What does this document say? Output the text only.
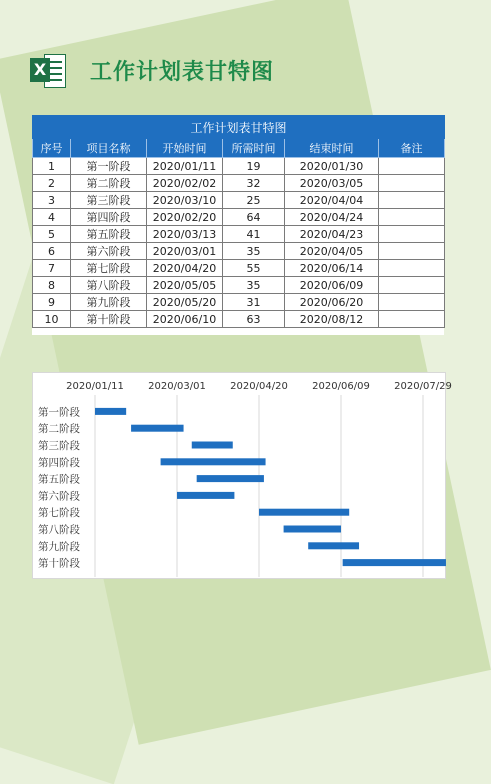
X 工作计划表甘特图
工作计划表甘特图					
序号	项目名称	开始时间	所需时间	结束时间	备注
1	第一阶段	2020/01/11	19	2020/01/30	
2	第二阶段	2020/02/02	32	2020/03/05	
3	第三阶段	2020/03/10	25	2020/04/04	
4	第四阶段	2020/02/20	64	2020/04/24	
5	第五阶段	2020/03/13	41	2020/04/23	
6	第六阶段	2020/03/01	35	2020/04/05	
7	第七阶段	2020/04/20	55	2020/06/14	
8	第八阶段	2020/05/05	35	2020/06/09	
9	第九阶段	2020/05/20	31	2020/06/20	
10	第十阶段	2020/06/10	63	2020/08/12	
2020/01/11 2020/03/01 2020/04/20 2020/06/09 2020/07/29
第一阶段
第二阶段
第三阶段
第四阶段
第五阶段
第六阶段
第七阶段
第八阶段
第九阶段
第十阶段
